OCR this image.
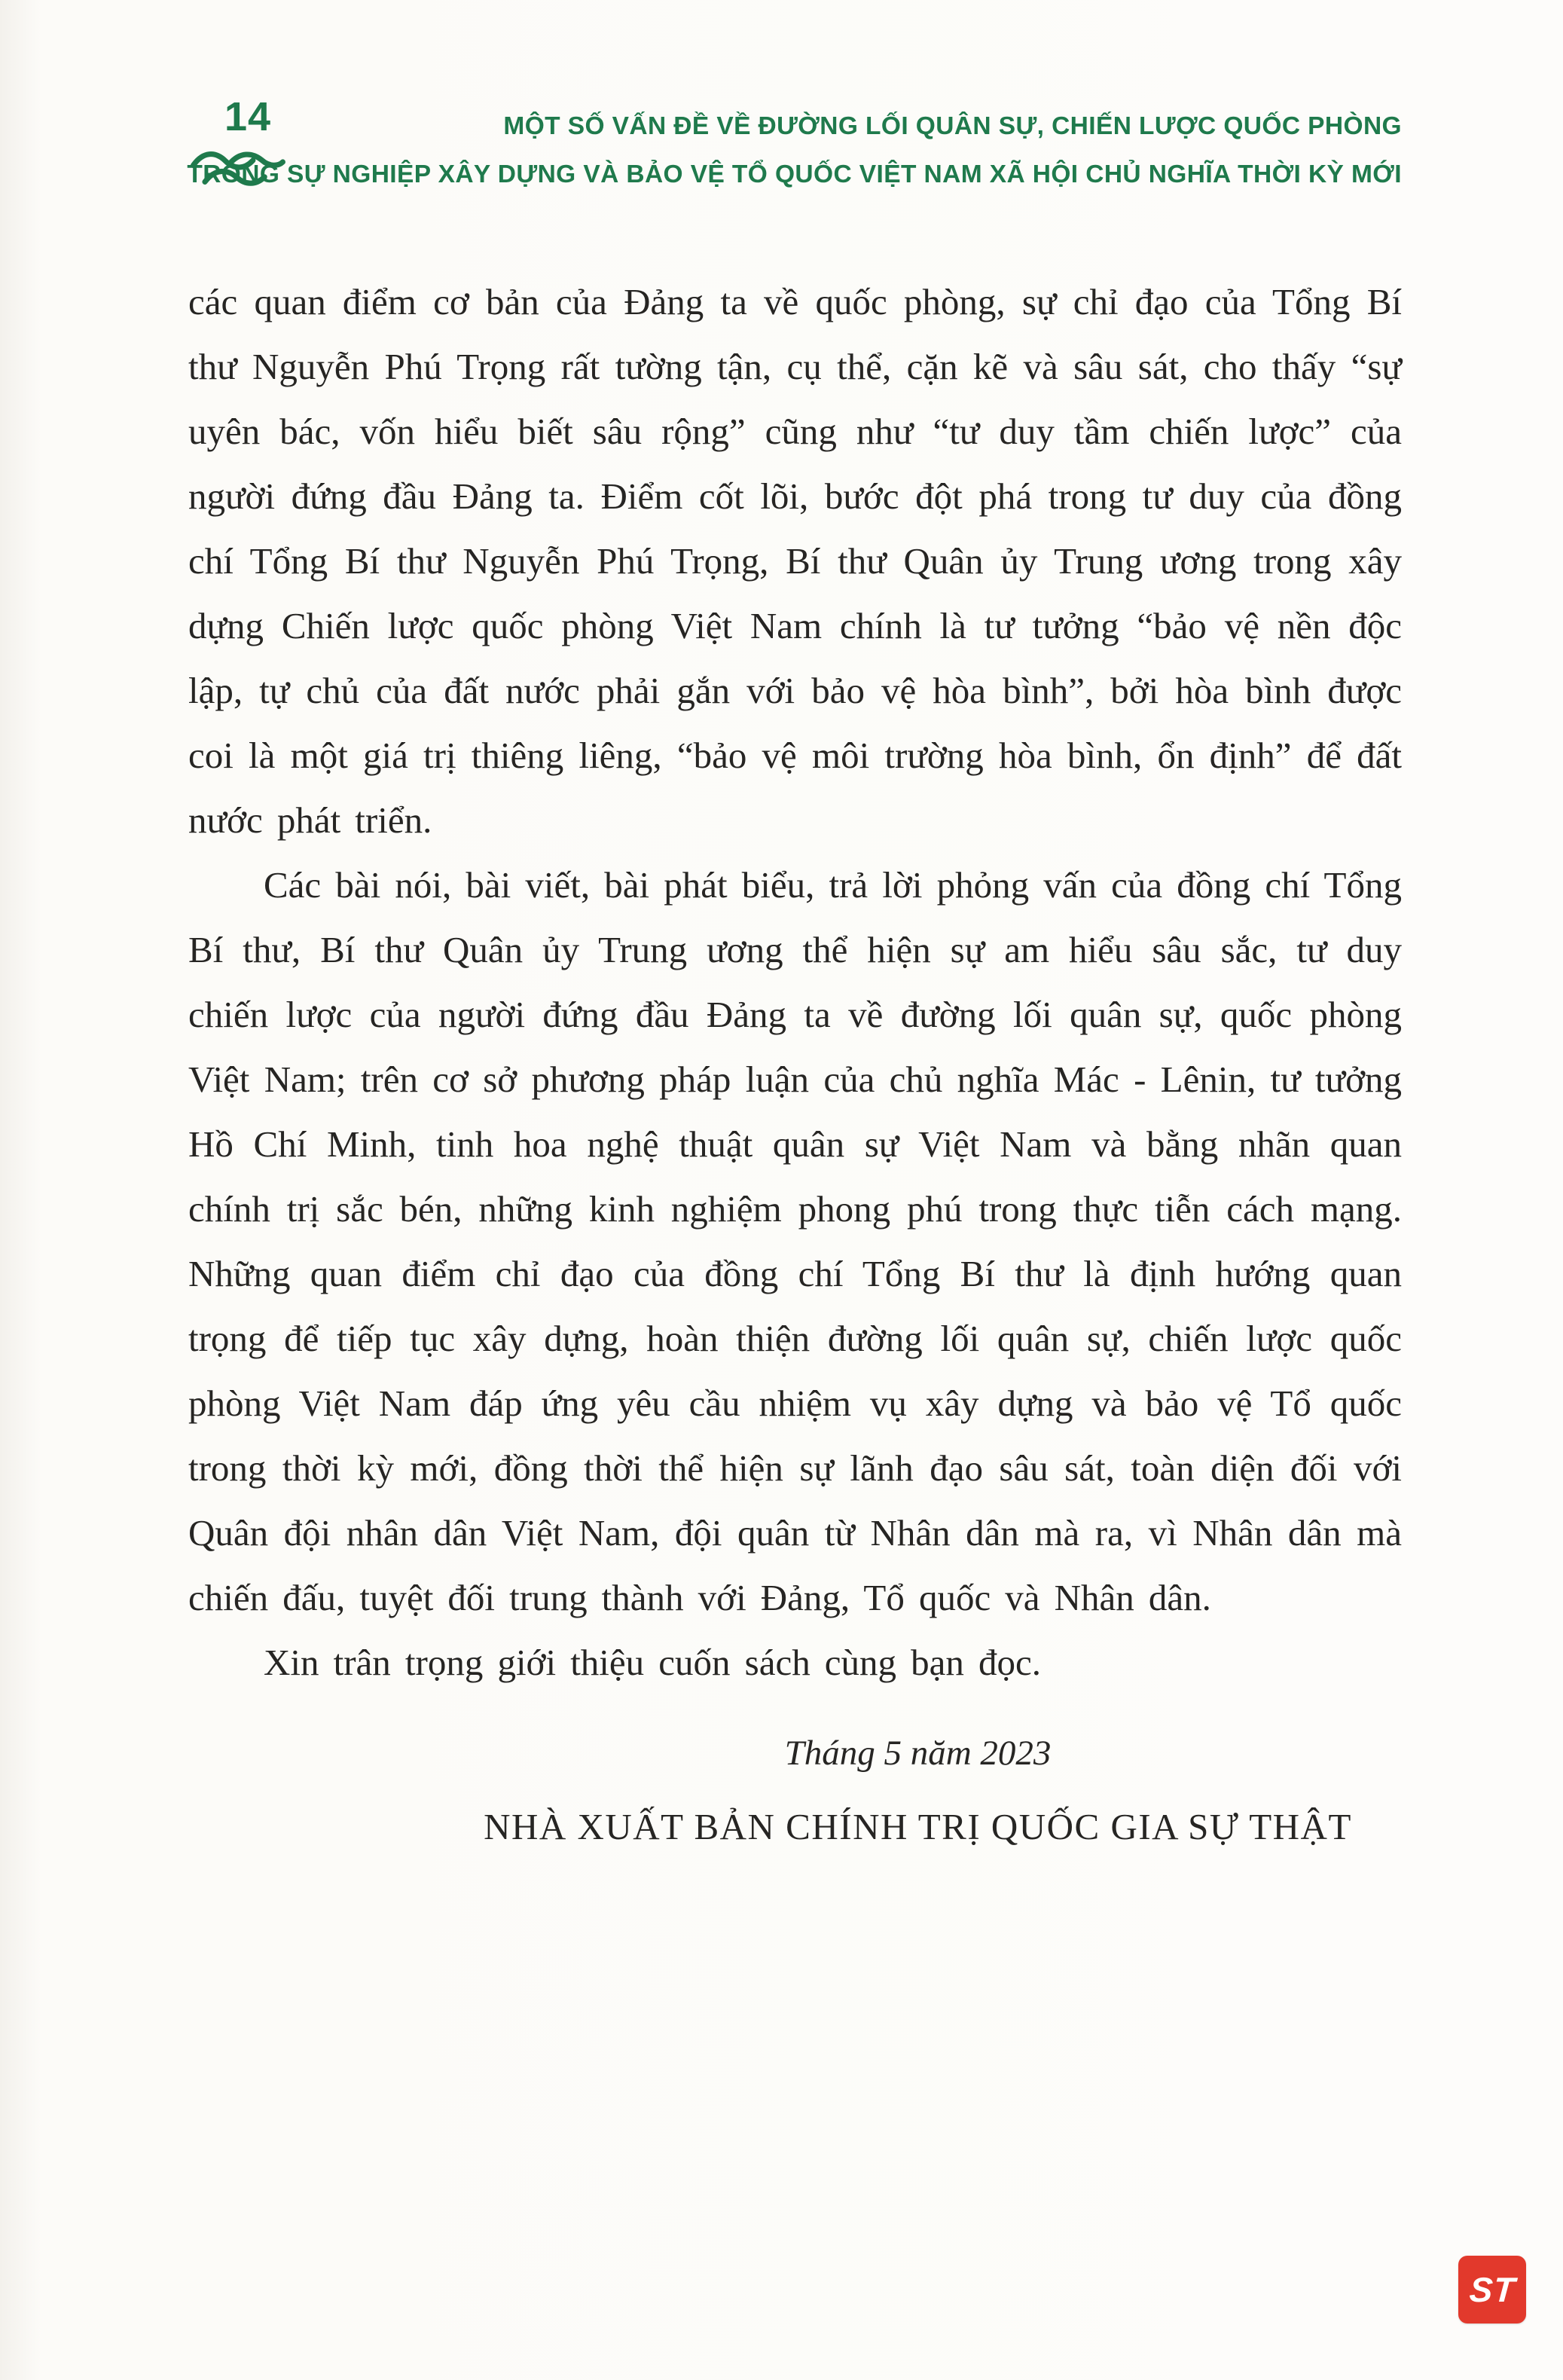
14	MỘT SỐ VẤN ĐỀ VỀ ĐƯỜNG LỐI QUÂN SỰ, CHIẾN LƯỢC QUỐC PHÒNG
TRONG SỰ NGHIỆP XÂY DỰNG VÀ BẢO VỆ TỔ QUỐC VIỆT NAM XÃ HỘI CHỦ NGHĨA THỜI KỲ MỚI

các quan điểm cơ bản của Đảng ta về quốc phòng, sự chỉ đạo của Tổng Bí thư Nguyễn Phú Trọng rất tường tận, cụ thể, cặn kẽ và sâu sát, cho thấy “sự uyên bác, vốn hiểu biết sâu rộng” cũng như “tư duy tầm chiến lược” của người đứng đầu Đảng ta. Điểm cốt lõi, bước đột phá trong tư duy của đồng chí Tổng Bí thư Nguyễn Phú Trọng, Bí thư Quân ủy Trung ương trong xây dựng Chiến lược quốc phòng Việt Nam chính là tư tưởng “bảo vệ nền độc lập, tự chủ của đất nước phải gắn với bảo vệ hòa bình”, bởi hòa bình được coi là một giá trị thiêng liêng, “bảo vệ môi trường hòa bình, ổn định” để đất nước phát triển.

Các bài nói, bài viết, bài phát biểu, trả lời phỏng vấn của đồng chí Tổng Bí thư, Bí thư Quân ủy Trung ương thể hiện sự am hiểu sâu sắc, tư duy chiến lược của người đứng đầu Đảng ta về đường lối quân sự, quốc phòng Việt Nam; trên cơ sở phương pháp luận của chủ nghĩa Mác - Lênin, tư tưởng Hồ Chí Minh, tinh hoa nghệ thuật quân sự Việt Nam và bằng nhãn quan chính trị sắc bén, những kinh nghiệm phong phú trong thực tiễn cách mạng. Những quan điểm chỉ đạo của đồng chí Tổng Bí thư là định hướng quan trọng để tiếp tục xây dựng, hoàn thiện đường lối quân sự, chiến lược quốc phòng Việt Nam đáp ứng yêu cầu nhiệm vụ xây dựng và bảo vệ Tổ quốc trong thời kỳ mới, đồng thời thể hiện sự lãnh đạo sâu sát, toàn diện đối với Quân đội nhân dân Việt Nam, đội quân từ Nhân dân mà ra, vì Nhân dân mà chiến đấu, tuyệt đối trung thành với Đảng, Tổ quốc và Nhân dân.

Xin trân trọng giới thiệu cuốn sách cùng bạn đọc.

Tháng 5 năm 2023
NHÀ XUẤT BẢN CHÍNH TRỊ QUỐC GIA SỰ THẬT
ST
